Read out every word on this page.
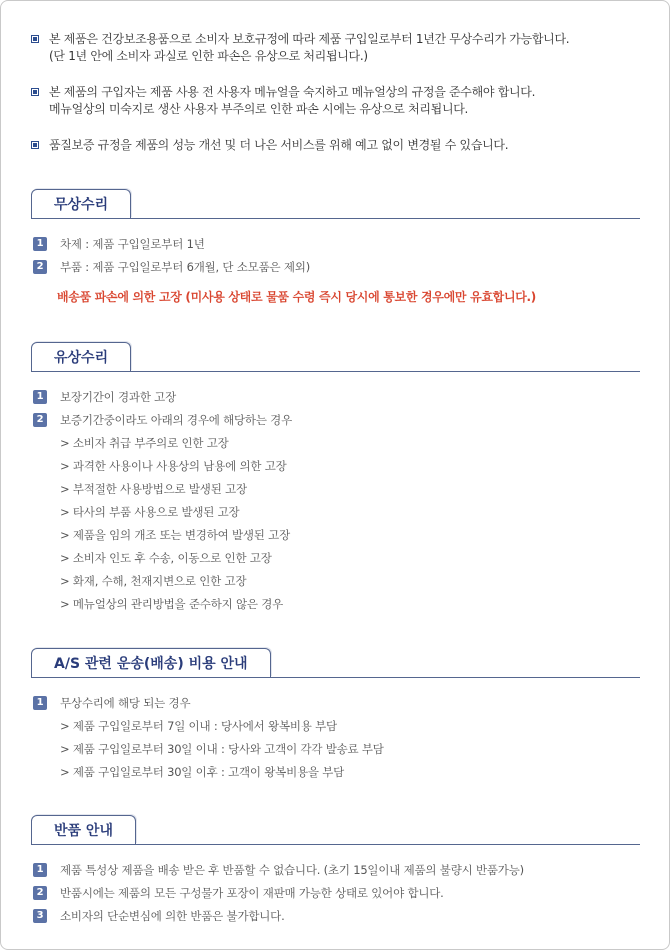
본 제품은 건강보조용품으로 소비자 보호규정에 따라 제품 구입일로부터 1년간 무상수리가 가능합니다.
(단 1년 안에 소비자 과실로 인한 파손은 유상으로 처리됩니다.)
본 제품의 구입자는 제품 사용 전 사용자 메뉴얼을 숙지하고 메뉴얼상의 규정을 준수해야 합니다.
메뉴얼상의 미숙지로 생산 사용자 부주의로 인한 파손 시에는 유상으로 처리됩니다.
품질보증 규정을 제품의 성능 개선 및 더 나은 서비스를 위해 예고 없이 변경될 수 있습니다.
무상수리
1	차제 : 제품 구입일로부터 1년
2	부품 : 제품 구입일로부터 6개월, 단 소모품은 제외)
배송품 파손에 의한 고장 (미사용 상태로 물품 수령 즉시 당시에 통보한 경우에만 유효합니다.)
유상수리
1	보장기간이 경과한 고장
2	보증기간중이라도 아래의 경우에 해당하는 경우
> 소비자 취급 부주의로 인한 고장
> 과격한 사용이나 사용상의 남용에 의한 고장
> 부적절한 사용방법으로 발생된 고장
> 타사의 부품 사용으로 발생된 고장
> 제품을 임의 개조 또는 변경하여 발생된 고장
> 소비자 인도 후 수송, 이동으로 인한 고장
> 화재, 수해, 천재지변으로 인한 고장
> 메뉴얼상의 관리방법을 준수하지 않은 경우
A/S 관련 운송(배송) 비용 안내
1	무상수리에 해당 되는 경우
> 제품 구입일로부터 7일 이내 : 당사에서 왕복비용 부담
> 제품 구입일로부터 30일 이내 : 당사와 고객이 각각 발송료 부담
> 제품 구입일로부터 30일 이후 : 고객이 왕복비용을 부담
반품 안내
1	제품 특성상 제품을 배송 받은 후 반품할 수 없습니다. (초기 15일이내 제품의 불량시 반품가능)
2	반품시에는 제품의 모든 구성물가 포장이 재판매 가능한 상태로 있어야 합니다.
3	소비자의 단순변심에 의한 반품은 불가합니다.
